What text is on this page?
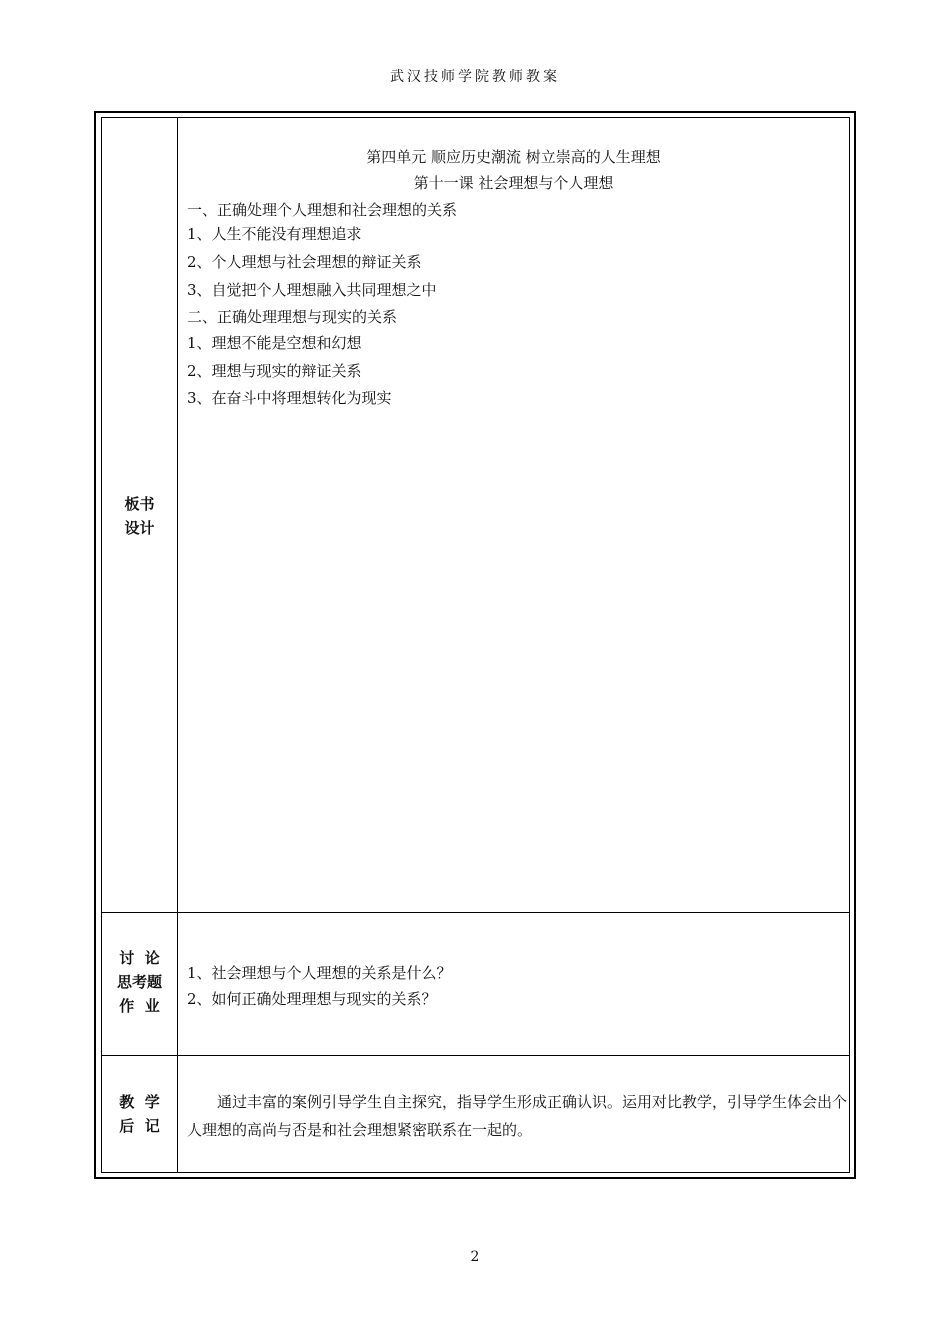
武汉技师学院教师教案
板书
设计
第四单元 顺应历史潮流 树立崇高的人生理想
第十一课 社会理想与个人理想
一、正确处理个人理想和社会理想的关系
1、人生不能没有理想追求
2、个人理想与社会理想的辩证关系
3、自觉把个人理想融入共同理想之中
二、正确处理理想与现实的关系
1、理想不能是空想和幻想
2、理想与现实的辩证关系
3、在奋斗中将理想转化为现实
讨  论
思考题
作  业
1、社会理想与个人理想的关系是什么？
2、如何正确处理理想与现实的关系？
教  学
后  记
通过丰富的案例引导学生自主探究，指导学生形成正确认识。运用对比教学，引导学生体会出个人理想的高尚与否是和社会理想紧密联系在一起的。
2
